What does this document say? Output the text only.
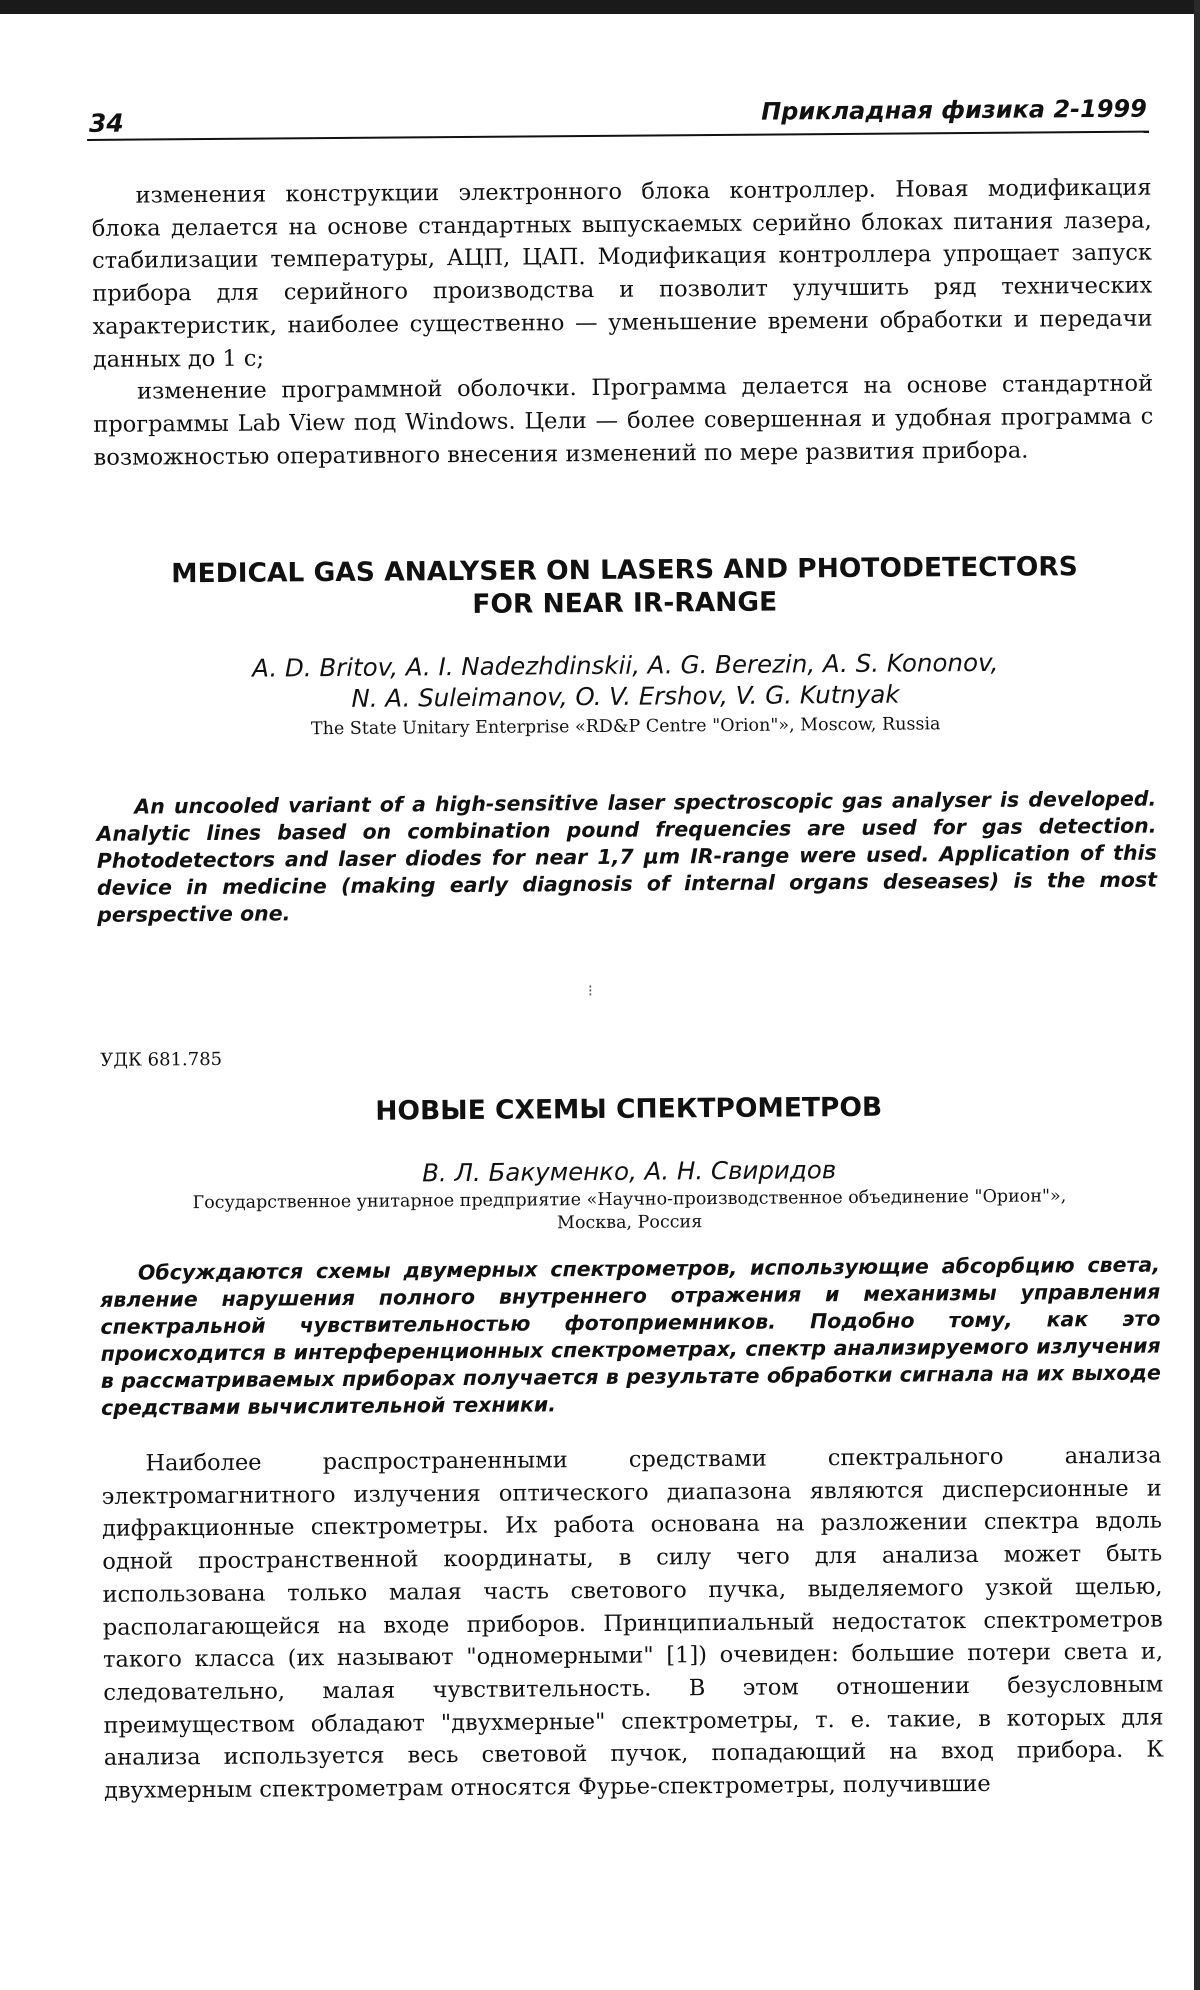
34	Прикладная физика 2-1999

изменения конструкции электронного блока контроллер. Новая модификация блока делается на основе стандартных выпускаемых серийно блоках питания лазера, стабилизации температуры, АЦП, ЦАП. Модификация контроллера упрощает запуск прибора для серийного производства и позволит улучшить ряд технических характеристик, наиболее существенно — уменьшение времени обработки и передачи данных до 1 с;

изменение программной оболочки. Программа делается на основе стандартной программы Lab View под Windows. Цели — более совершенная и удобная программа с возможностью оперативного внесения изменений по мере развития прибора.

MEDICAL GAS ANALYSER ON LASERS AND PHOTODETECTORS
FOR NEAR IR-RANGE
A. D. Britov, A. I. Nadezhdinskii, A. G. Berezin, A. S. Kononov,
N. A. Suleimanov, O. V. Ershov, V. G. Kutnyak
The State Unitary Enterprise «RD&P Centre "Orion"», Moscow, Russia
An uncooled variant of a high-sensitive laser spectroscopic gas analyser is developed. Analytic lines based on combination pound frequencies are used for gas detection. Photodetectors and laser diodes for near 1,7 μm IR-range were used. Application of this device in medicine (making early diagnosis of internal organs deseases) is the most perspective one.
⁝
УДК 681.785
НОВЫЕ СХЕМЫ СПЕКТРОМЕТРОВ
В. Л. Бакуменко, А. Н. Свиридов
Государственное унитарное предприятие «Научно-производственное объединение "Орион"»,
Москва, Россия
Обсуждаются схемы двумерных спектрометров, использующие абсорбцию света, явление нарушения полного внутреннего отражения и механизмы управления спектральной чувствительностью фотоприемников. Подобно тому, как это происходится в интерференционных спектрометрах, спектр анализируемого излучения в рассматриваемых приборах получается в результате обработки сигнала на их выходе средствами вычислительной техники.

Наиболее распространенными средствами спектрального анализа электромагнитного излучения оптического диапазона являются дисперсионные и дифракционные спектрометры. Их работа основана на разложении спектра вдоль одной пространственной координаты, в силу чего для анализа может быть использована только малая часть светового пучка, выделяемого узкой щелью, располагающейся на входе приборов. Принципиальный недостаток спектрометров такого класса (их называют "одномерными" [1]) очевиден: большие потери света и, следовательно, малая чувствительность. В этом отношении безусловным преимуществом обладают "двухмерные" спектрометры, т. е. такие, в которых для анализа используется весь световой пучок, попадающий на вход прибора. К двухмерным спектрометрам относятся Фурье-спектрометры, получившие
